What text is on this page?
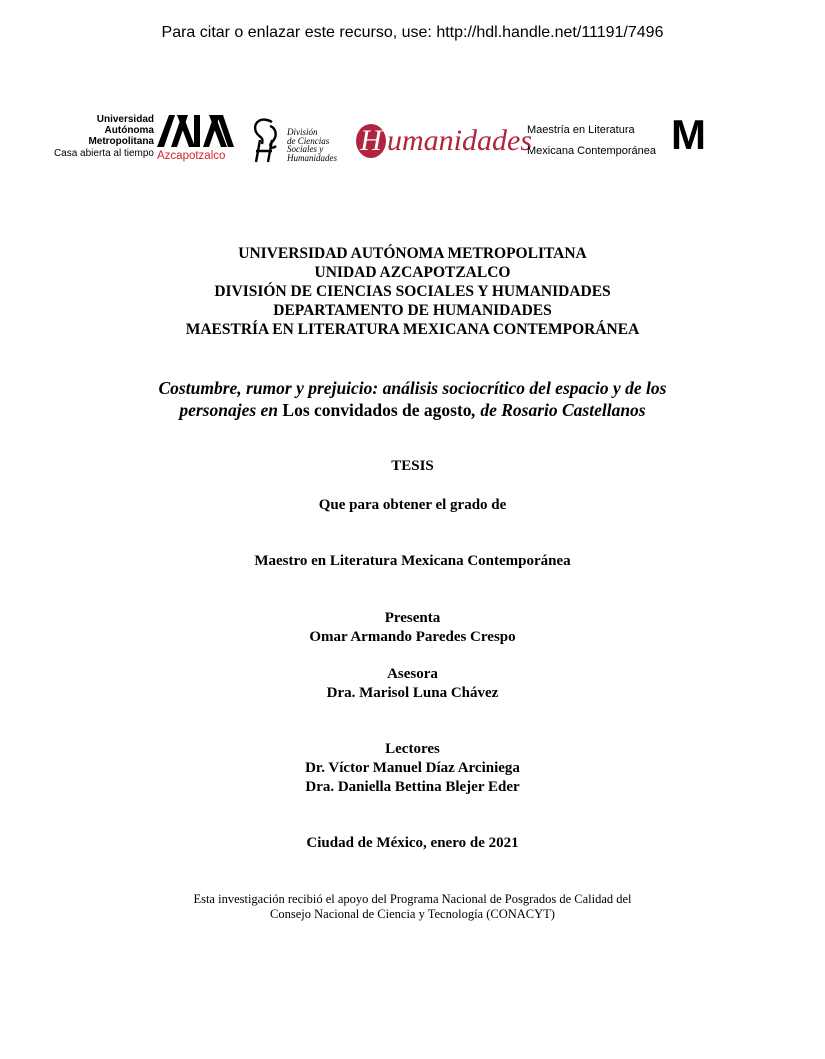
Para citar o enlazar este recurso, use: http://hdl.handle.net/11191/7496
Universidad
Autónoma
Metropolitana
Casa abierta al tiempo Azcapotzalco
División
de Ciencias
Sociales y
Humanidades
H umanidades
Maestría en Literatura
Mexicana Contemporánea M
UNIVERSIDAD AUTÓNOMA METROPOLITANA
UNIDAD AZCAPOTZALCO
DIVISIÓN DE CIENCIAS SOCIALES Y HUMANIDADES
DEPARTAMENTO DE HUMANIDADES
MAESTRÍA EN LITERATURA MEXICANA CONTEMPORÁNEA
Costumbre, rumor y prejuicio: análisis sociocrítico del espacio y de los
personajes en Los convidados de agosto, de Rosario Castellanos
TESIS
Que para obtener el grado de
Maestro en Literatura Mexicana Contemporánea
Presenta
Omar Armando Paredes Crespo
Asesora
Dra. Marisol Luna Chávez
Lectores
Dr. Víctor Manuel Díaz Arciniega
Dra. Daniella Bettina Blejer Eder
Ciudad de México, enero de 2021
Esta investigación recibió el apoyo del Programa Nacional de Posgrados de Calidad del
Consejo Nacional de Ciencia y Tecnología (CONACYT)
